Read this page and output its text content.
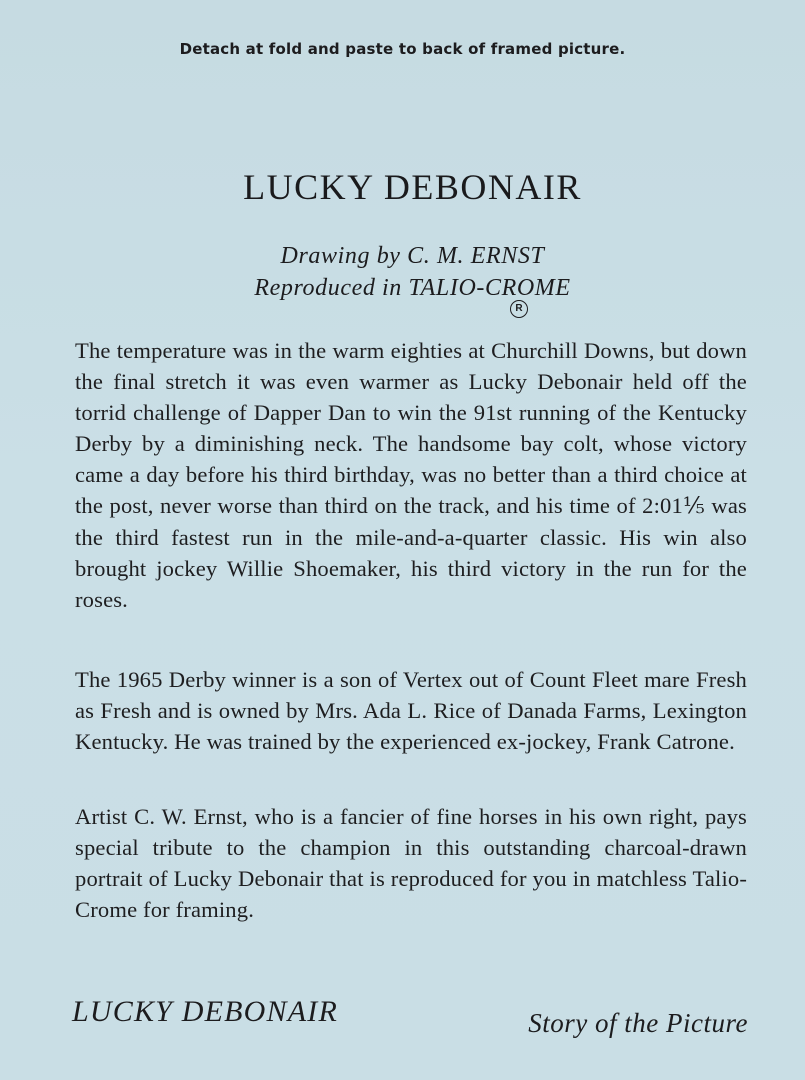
Detach at fold and paste to back of framed picture.
LUCKY DEBONAIR
Drawing by C. M. ERNST
Reproduced in TALIO-CROME
R
The temperature was in the warm eighties at Churchill Downs, but down the final stretch it was even warmer as Lucky Debonair held off the torrid challenge of Dapper Dan to win the 91st running of the Kentucky Derby by a diminishing neck. The handsome bay colt, whose victory came a day before his third birthday, was no better than a third choice at the post, never worse than third on the track, and his time of 2:01⅕ was the third fastest run in the mile-and-a-quarter classic. His win also brought jockey Willie Shoemaker, his third victory in the run for the roses.
The 1965 Derby winner is a son of Vertex out of Count Fleet mare Fresh as Fresh and is owned by Mrs. Ada L. Rice of Danada Farms, Lexington Kentucky. He was trained by the experienced ex-jockey, Frank Catrone.
Artist C. W. Ernst, who is a fancier of fine horses in his own right, pays special tribute to the champion in this outstanding charcoal-drawn portrait of Lucky Debonair that is reproduced for you in matchless Talio-Crome for framing.
LUCKY DEBONAIR	Story of the Picture
